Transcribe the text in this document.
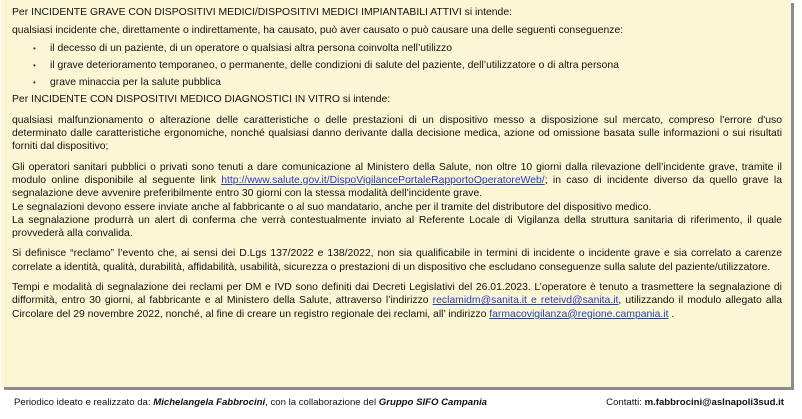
Per INCIDENTE GRAVE CON DISPOSITIVI MEDICI/DISPOSITIVI MEDICI IMPIANTABILI ATTIVI si intende:

qualsiasi incidente che, direttamente o indirettamente, ha causato, può aver causato o può causare una delle seguenti conseguenze:

• il decesso di un paziente, di un operatore o qualsiasi altra persona coinvolta nell’utilizzo
• il grave deterioramento temporaneo, o permanente, delle condizioni di salute del paziente, dell’utilizzatore o di altra persona
• grave minaccia per la salute pubblica

Per INCIDENTE CON DISPOSITIVI MEDICO DIAGNOSTICI IN VITRO si intende:

qualsiasi malfunzionamento o alterazione delle caratteristiche o delle prestazioni di un dispositivo messo a disposizione sul mercato, compreso l'errore d'uso determinato dalle caratteristiche ergonomiche, nonché qualsiasi danno derivante dalla decisione medica, azione od omissione basata sulle informazioni o sui risultati forniti dal dispositivo;

Gli operatori sanitari pubblici o privati sono tenuti a dare comunicazione al Ministero della Salute, non oltre 10 giorni dalla rilevazione dell’incidente grave, tramite il modulo online disponibile al seguente link http://www.salute.gov.it/DispoVigilancePortaleRapportoOperatoreWeb/; in caso di incidente diverso da quello grave la segnalazione deve avvenire preferibilmente entro 30 giorni con la stessa modalità dell’incidente grave.

Le segnalazioni devono essere inviate anche al fabbricante o al suo mandatario, anche per il tramite del distributore del dispositivo medico.

La segnalazione produrrà un alert di conferma che verrà contestualmente inviato al Referente Locale di Vigilanza della struttura sanitaria di riferimento, il quale provvederà alla convalida.

Si definisce “reclamo” l’evento che, ai sensi dei D.Lgs 137/2022 e 138/2022, non sia qualificabile in termini di incidente o incidente grave e sia correlato a carenze correlate a identità, qualità, durabilità, affidabilità, usabilità, sicurezza o prestazioni di un dispositivo che escludano conseguenze sulla salute del paziente/utilizzatore.

Tempi e modalità di segnalazione dei reclami per DM e IVD sono definiti dai Decreti Legislativi del 26.01.2023. L’operatore è tenuto a trasmettere la segnalazione di difformità, entro 30 giorni, al fabbricante e al Ministero della Salute, attraverso l’indirizzo reclamidm@sanita.it e reteivd@sanita.it, utilizzando il modulo allegato alla Circolare del 29 novembre 2022, nonché, al fine di creare un registro regionale dei reclami, all’ indirizzo farmacovigilanza@regione.campania.it .

Periodico ideato e realizzato da: Michelangela Fabbrocini, con la collaborazione del Gruppo SIFO Campania	Contatti: m.fabbrocini@aslnapoli3sud.it
